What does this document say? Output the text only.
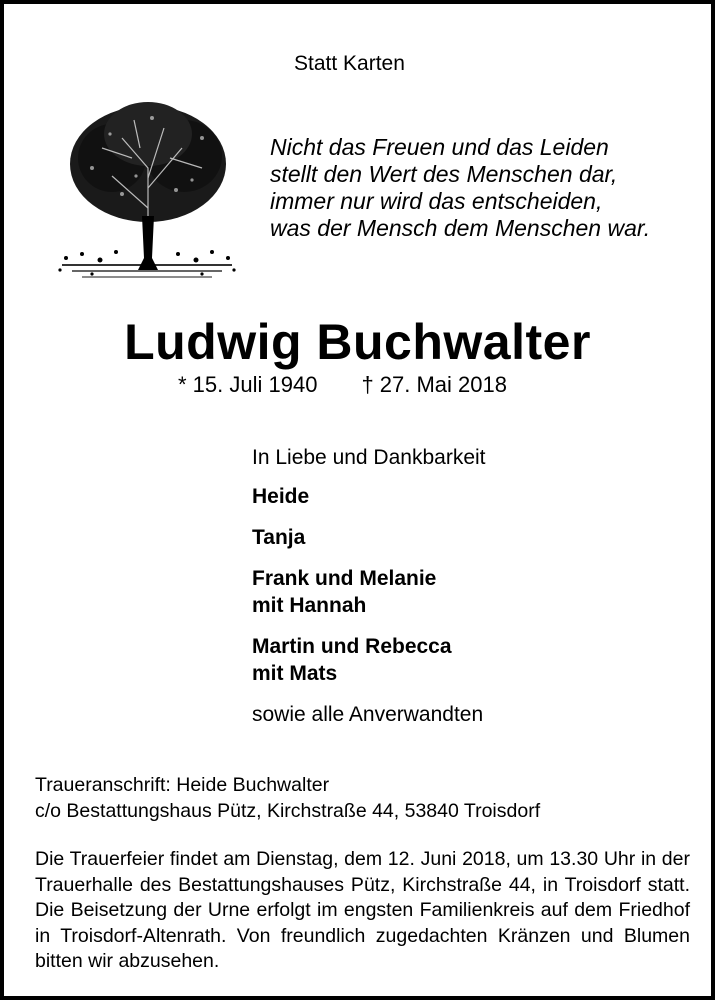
Statt Karten
Nicht das Freuen und das Leiden
stellt den Wert des Menschen dar,
immer nur wird das entscheiden,
was der Mensch dem Menschen war.
Ludwig Buchwalter
* 15. Juli 1940 † 27. Mai 2018
In Liebe und Dankbarkeit
Heide
Tanja
Frank und Melanie
mit Hannah
Martin und Rebecca
mit Mats
sowie alle Anverwandten
Traueranschrift: Heide Buchwalter
c/o Bestattungshaus Pütz, Kirchstraße 44, 53840 Troisdorf
Die Trauerfeier findet am Dienstag, dem 12. Juni 2018, um 13.30 Uhr in der Trauerhalle des Bestattungshauses Pütz, Kirchstraße 44, in Troisdorf statt. Die Beisetzung der Urne erfolgt im engsten Familienkreis auf dem Friedhof in Troisdorf-Altenrath. Von freundlich zugedachten Kränzen und Blumen bitten wir abzusehen.
